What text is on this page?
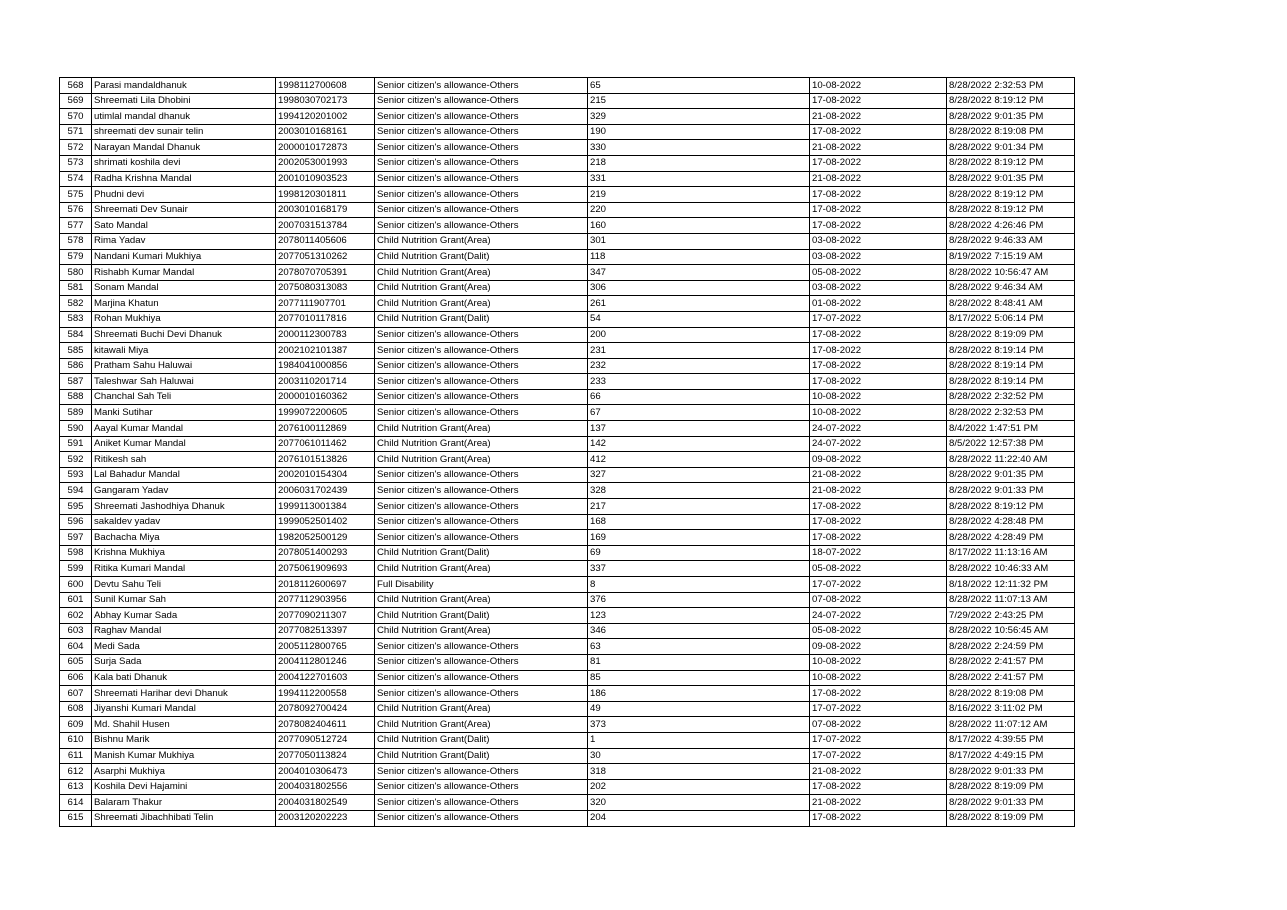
568	Parasi mandaldhanuk	1998112700608	Senior citizen's allowance-Others	65	10-08-2022	8/28/2022 2:32:53 PM
569	Shreemati Lila Dhobini	1998030702173	Senior citizen's allowance-Others	215	17-08-2022	8/28/2022 8:19:12 PM
570	utimlal mandal dhanuk	1994120201002	Senior citizen's allowance-Others	329	21-08-2022	8/28/2022 9:01:35 PM
571	shreemati dev sunair telin	2003010168161	Senior citizen's allowance-Others	190	17-08-2022	8/28/2022 8:19:08 PM
572	Narayan Mandal Dhanuk	2000010172873	Senior citizen's allowance-Others	330	21-08-2022	8/28/2022 9:01:34 PM
573	shrimati koshila devi	2002053001993	Senior citizen's allowance-Others	218	17-08-2022	8/28/2022 8:19:12 PM
574	Radha Krishna Mandal	2001010903523	Senior citizen's allowance-Others	331	21-08-2022	8/28/2022 9:01:35 PM
575	Phudni devi	1998120301811	Senior citizen's allowance-Others	219	17-08-2022	8/28/2022 8:19:12 PM
576	Shreemati Dev Sunair	2003010168179	Senior citizen's allowance-Others	220	17-08-2022	8/28/2022 8:19:12 PM
577	Sato Mandal	2007031513784	Senior citizen's allowance-Others	160	17-08-2022	8/28/2022 4:26:46 PM
578	Rima Yadav	2078011405606	Child Nutrition Grant(Area)	301	03-08-2022	8/28/2022 9:46:33 AM
579	Nandani Kumari Mukhiya	2077051310262	Child Nutrition Grant(Dalit)	118	03-08-2022	8/19/2022 7:15:19 AM
580	Rishabh Kumar Mandal	2078070705391	Child Nutrition Grant(Area)	347	05-08-2022	8/28/2022 10:56:47 AM
581	Sonam Mandal	2075080313083	Child Nutrition Grant(Area)	306	03-08-2022	8/28/2022 9:46:34 AM
582	Marjina Khatun	2077111907701	Child Nutrition Grant(Area)	261	01-08-2022	8/28/2022 8:48:41 AM
583	Rohan Mukhiya	2077010117816	Child Nutrition Grant(Dalit)	54	17-07-2022	8/17/2022 5:06:14 PM
584	Shreemati Buchi Devi Dhanuk	2000112300783	Senior citizen's allowance-Others	200	17-08-2022	8/28/2022 8:19:09 PM
585	kitawali Miya	2002102101387	Senior citizen's allowance-Others	231	17-08-2022	8/28/2022 8:19:14 PM
586	Pratham Sahu Haluwai	1984041000856	Senior citizen's allowance-Others	232	17-08-2022	8/28/2022 8:19:14 PM
587	Taleshwar Sah Haluwai	2003110201714	Senior citizen's allowance-Others	233	17-08-2022	8/28/2022 8:19:14 PM
588	Chanchal Sah Teli	2000010160362	Senior citizen's allowance-Others	66	10-08-2022	8/28/2022 2:32:52 PM
589	Manki Sutihar	1999072200605	Senior citizen's allowance-Others	67	10-08-2022	8/28/2022 2:32:53 PM
590	Aayal Kumar Mandal	2076100112869	Child Nutrition Grant(Area)	137	24-07-2022	8/4/2022 1:47:51 PM
591	Aniket Kumar Mandal	2077061011462	Child Nutrition Grant(Area)	142	24-07-2022	8/5/2022 12:57:38 PM
592	Ritikesh sah	2076101513826	Child Nutrition Grant(Area)	412	09-08-2022	8/28/2022 11:22:40 AM
593	Lal Bahadur Mandal	2002010154304	Senior citizen's allowance-Others	327	21-08-2022	8/28/2022 9:01:35 PM
594	Gangaram Yadav	2006031702439	Senior citizen's allowance-Others	328	21-08-2022	8/28/2022 9:01:33 PM
595	Shreemati Jashodhiya Dhanuk	1999113001384	Senior citizen's allowance-Others	217	17-08-2022	8/28/2022 8:19:12 PM
596	sakaldev yadav	1999052501402	Senior citizen's allowance-Others	168	17-08-2022	8/28/2022 4:28:48 PM
597	Bachacha Miya	1982052500129	Senior citizen's allowance-Others	169	17-08-2022	8/28/2022 4:28:49 PM
598	Krishna Mukhiya	2078051400293	Child Nutrition Grant(Dalit)	69	18-07-2022	8/17/2022 11:13:16 AM
599	Ritika Kumari Mandal	2075061909693	Child Nutrition Grant(Area)	337	05-08-2022	8/28/2022 10:46:33 AM
600	Devtu Sahu Teli	2018112600697	Full Disability	8	17-07-2022	8/18/2022 12:11:32 PM
601	Sunil Kumar Sah	2077112903956	Child Nutrition Grant(Area)	376	07-08-2022	8/28/2022 11:07:13 AM
602	Abhay Kumar Sada	2077090211307	Child Nutrition Grant(Dalit)	123	24-07-2022	7/29/2022 2:43:25 PM
603	Raghav Mandal	2077082513397	Child Nutrition Grant(Area)	346	05-08-2022	8/28/2022 10:56:45 AM
604	Medi Sada	2005112800765	Senior citizen's allowance-Others	63	09-08-2022	8/28/2022 2:24:59 PM
605	Surja Sada	2004112801246	Senior citizen's allowance-Others	81	10-08-2022	8/28/2022 2:41:57 PM
606	Kala bati Dhanuk	2004122701603	Senior citizen's allowance-Others	85	10-08-2022	8/28/2022 2:41:57 PM
607	Shreemati Harihar devi Dhanuk	1994112200558	Senior citizen's allowance-Others	186	17-08-2022	8/28/2022 8:19:08 PM
608	Jiyanshi Kumari Mandal	2078092700424	Child Nutrition Grant(Area)	49	17-07-2022	8/16/2022 3:11:02 PM
609	Md. Shahil Husen	2078082404611	Child Nutrition Grant(Area)	373	07-08-2022	8/28/2022 11:07:12 AM
610	Bishnu Marik	2077090512724	Child Nutrition Grant(Dalit)	1	17-07-2022	8/17/2022 4:39:55 PM
611	Manish Kumar Mukhiya	2077050113824	Child Nutrition Grant(Dalit)	30	17-07-2022	8/17/2022 4:49:15 PM
612	Asarphi Mukhiya	2004010306473	Senior citizen's allowance-Others	318	21-08-2022	8/28/2022 9:01:33 PM
613	Koshila Devi Hajamini	2004031802556	Senior citizen's allowance-Others	202	17-08-2022	8/28/2022 8:19:09 PM
614	Balaram Thakur	2004031802549	Senior citizen's allowance-Others	320	21-08-2022	8/28/2022 9:01:33 PM
615	Shreemati Jibachhibati Telin	2003120202223	Senior citizen's allowance-Others	204	17-08-2022	8/28/2022 8:19:09 PM
